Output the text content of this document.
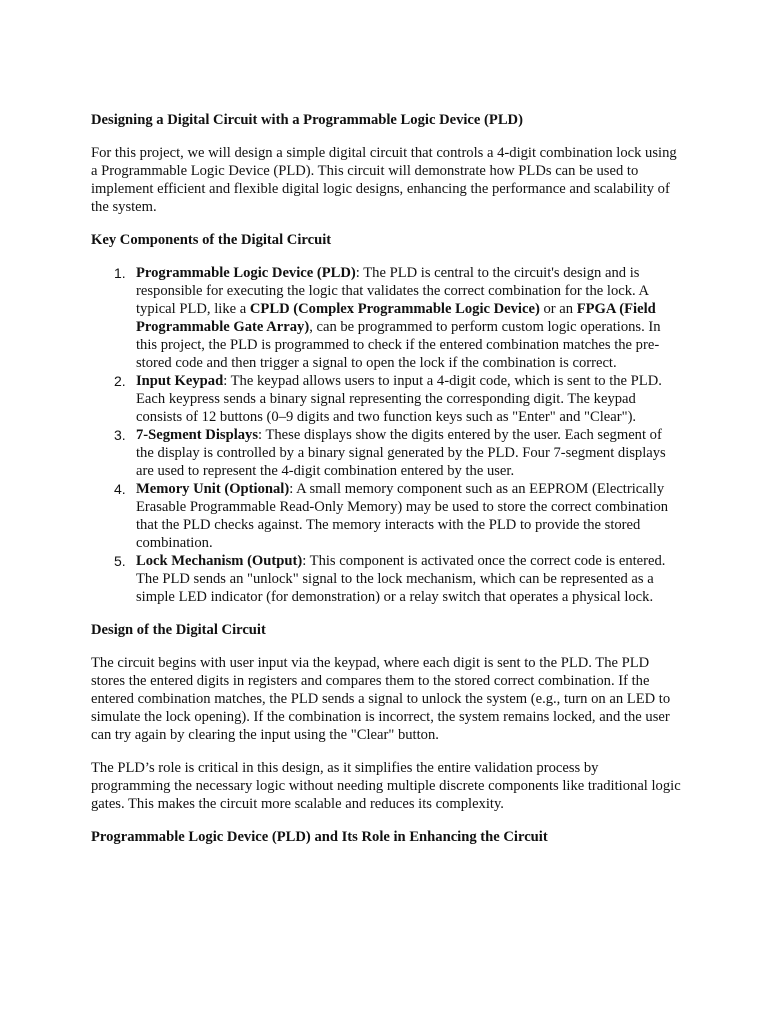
Designing a Digital Circuit with a Programmable Logic Device (PLD)

For this project, we will design a simple digital circuit that controls a 4-digit combination lock using a Programmable Logic Device (PLD). This circuit will demonstrate how PLDs can be used to implement efficient and flexible digital logic designs, enhancing the performance and scalability of the system.

Key Components of the Digital Circuit

1. Programmable Logic Device (PLD): The PLD is central to the circuit's design and is responsible for executing the logic that validates the correct combination for the lock. A typical PLD, like a CPLD (Complex Programmable Logic Device) or an FPGA (Field Programmable Gate Array), can be programmed to perform custom logic operations. In this project, the PLD is programmed to check if the entered combination matches the pre-stored code and then trigger a signal to open the lock if the combination is correct.
2. Input Keypad: The keypad allows users to input a 4-digit code, which is sent to the PLD. Each keypress sends a binary signal representing the corresponding digit. The keypad consists of 12 buttons (0–9 digits and two function keys such as "Enter" and "Clear").
3. 7-Segment Displays: These displays show the digits entered by the user. Each segment of the display is controlled by a binary signal generated by the PLD. Four 7-segment displays are used to represent the 4-digit combination entered by the user.
4. Memory Unit (Optional): A small memory component such as an EEPROM (Electrically Erasable Programmable Read-Only Memory) may be used to store the correct combination that the PLD checks against. The memory interacts with the PLD to provide the stored combination.
5. Lock Mechanism (Output): This component is activated once the correct code is entered. The PLD sends an "unlock" signal to the lock mechanism, which can be represented as a simple LED indicator (for demonstration) or a relay switch that operates a physical lock.

Design of the Digital Circuit

The circuit begins with user input via the keypad, where each digit is sent to the PLD. The PLD stores the entered digits in registers and compares them to the stored correct combination. If the entered combination matches, the PLD sends a signal to unlock the system (e.g., turn on an LED to simulate the lock opening). If the combination is incorrect, the system remains locked, and the user can try again by clearing the input using the "Clear" button.

The PLD’s role is critical in this design, as it simplifies the entire validation process by programming the necessary logic without needing multiple discrete components like traditional logic gates. This makes the circuit more scalable and reduces its complexity.

Programmable Logic Device (PLD) and Its Role in Enhancing the Circuit
